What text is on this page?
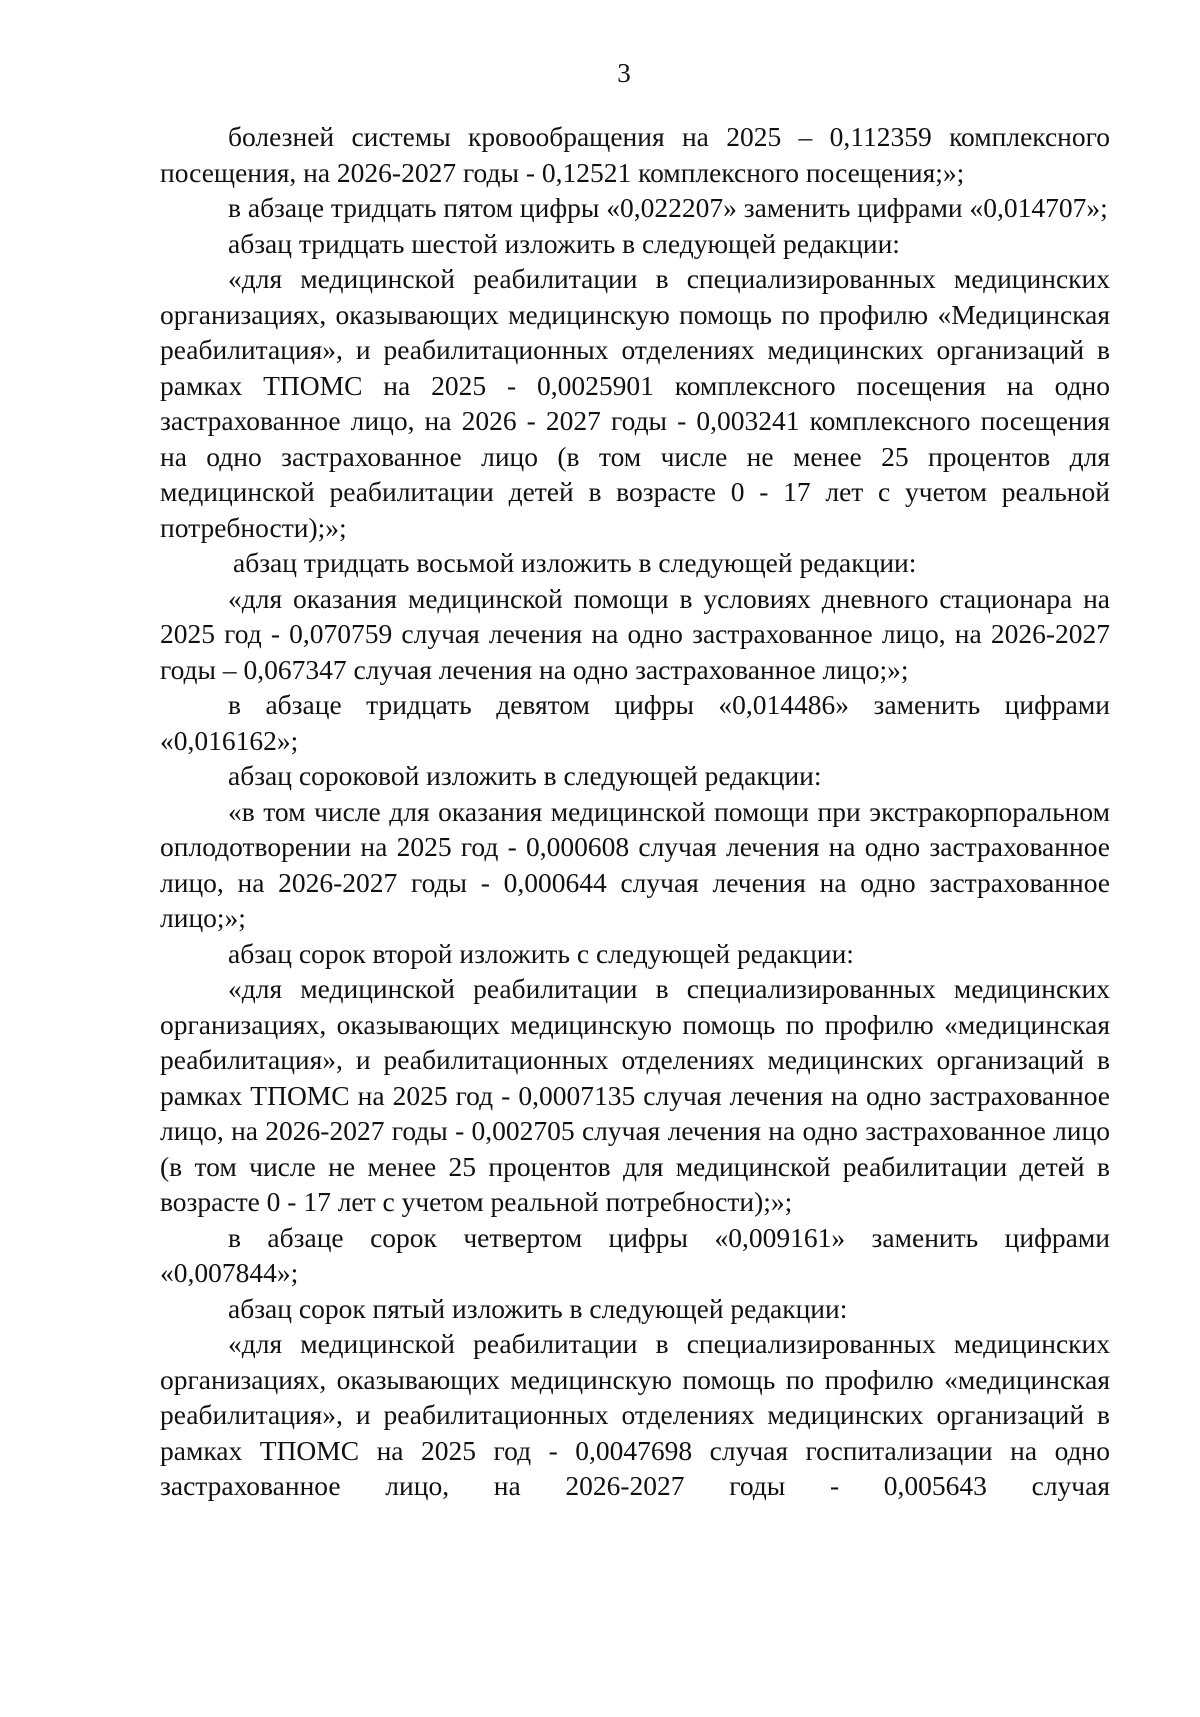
3

болезней системы кровообращения на 2025 – 0,112359 комплексного посещения, на 2026-2027 годы - 0,12521 комплексного посещения;»;

в абзаце тридцать пятом цифры «0,022207» заменить цифрами «0,014707»;

абзац тридцать шестой изложить в следующей редакции:

«для медицинской реабилитации в специализированных медицинских организациях, оказывающих медицинскую помощь по профилю «Медицинская реабилитация», и реабилитационных отделениях медицинских организаций в рамках ТПОМС на 2025 - 0,0025901 комплексного посещения на одно застрахованное лицо, на 2026 - 2027 годы - 0,003241 комплексного посещения на одно застрахованное лицо (в том числе не менее 25 процентов для медицинской реабилитации детей в возрасте 0 - 17 лет с учетом реальной потребности);»;

абзац тридцать восьмой изложить в следующей редакции:

«для оказания медицинской помощи в условиях дневного стационара на 2025 год - 0,070759 случая лечения на одно застрахованное лицо, на 2026-2027 годы – 0,067347 случая лечения на одно застрахованное лицо;»;

в абзаце тридцать девятом цифры «0,014486» заменить цифрами «0,016162»;

абзац сороковой изложить в следующей редакции:

«в том числе для оказания медицинской помощи при экстракорпоральном оплодотворении на 2025 год - 0,000608 случая лечения на одно застрахованное лицо, на 2026-2027 годы - 0,000644 случая лечения на одно застрахованное лицо;»;

абзац сорок второй изложить с следующей редакции:

«для медицинской реабилитации в специализированных медицинских организациях, оказывающих медицинскую помощь по профилю «медицинская реабилитация», и реабилитационных отделениях медицинских организаций в рамках ТПОМС на 2025 год - 0,0007135 случая лечения на одно застрахованное лицо, на 2026-2027 годы - 0,002705 случая лечения на одно застрахованное лицо (в том числе не менее 25 процентов для медицинской реабилитации детей в возрасте 0 - 17 лет с учетом реальной потребности);»;

в абзаце сорок четвертом цифры «0,009161» заменить цифрами «0,007844»;

абзац сорок пятый изложить в следующей редакции:

«для медицинской реабилитации в специализированных медицинских организациях, оказывающих медицинскую помощь по профилю «медицинская реабилитация», и реабилитационных отделениях медицинских организаций в рамках ТПОМС на 2025 год - 0,0047698 случая госпитализации на одно застрахованное лицо, на 2026-2027 годы - 0,005643 случая
